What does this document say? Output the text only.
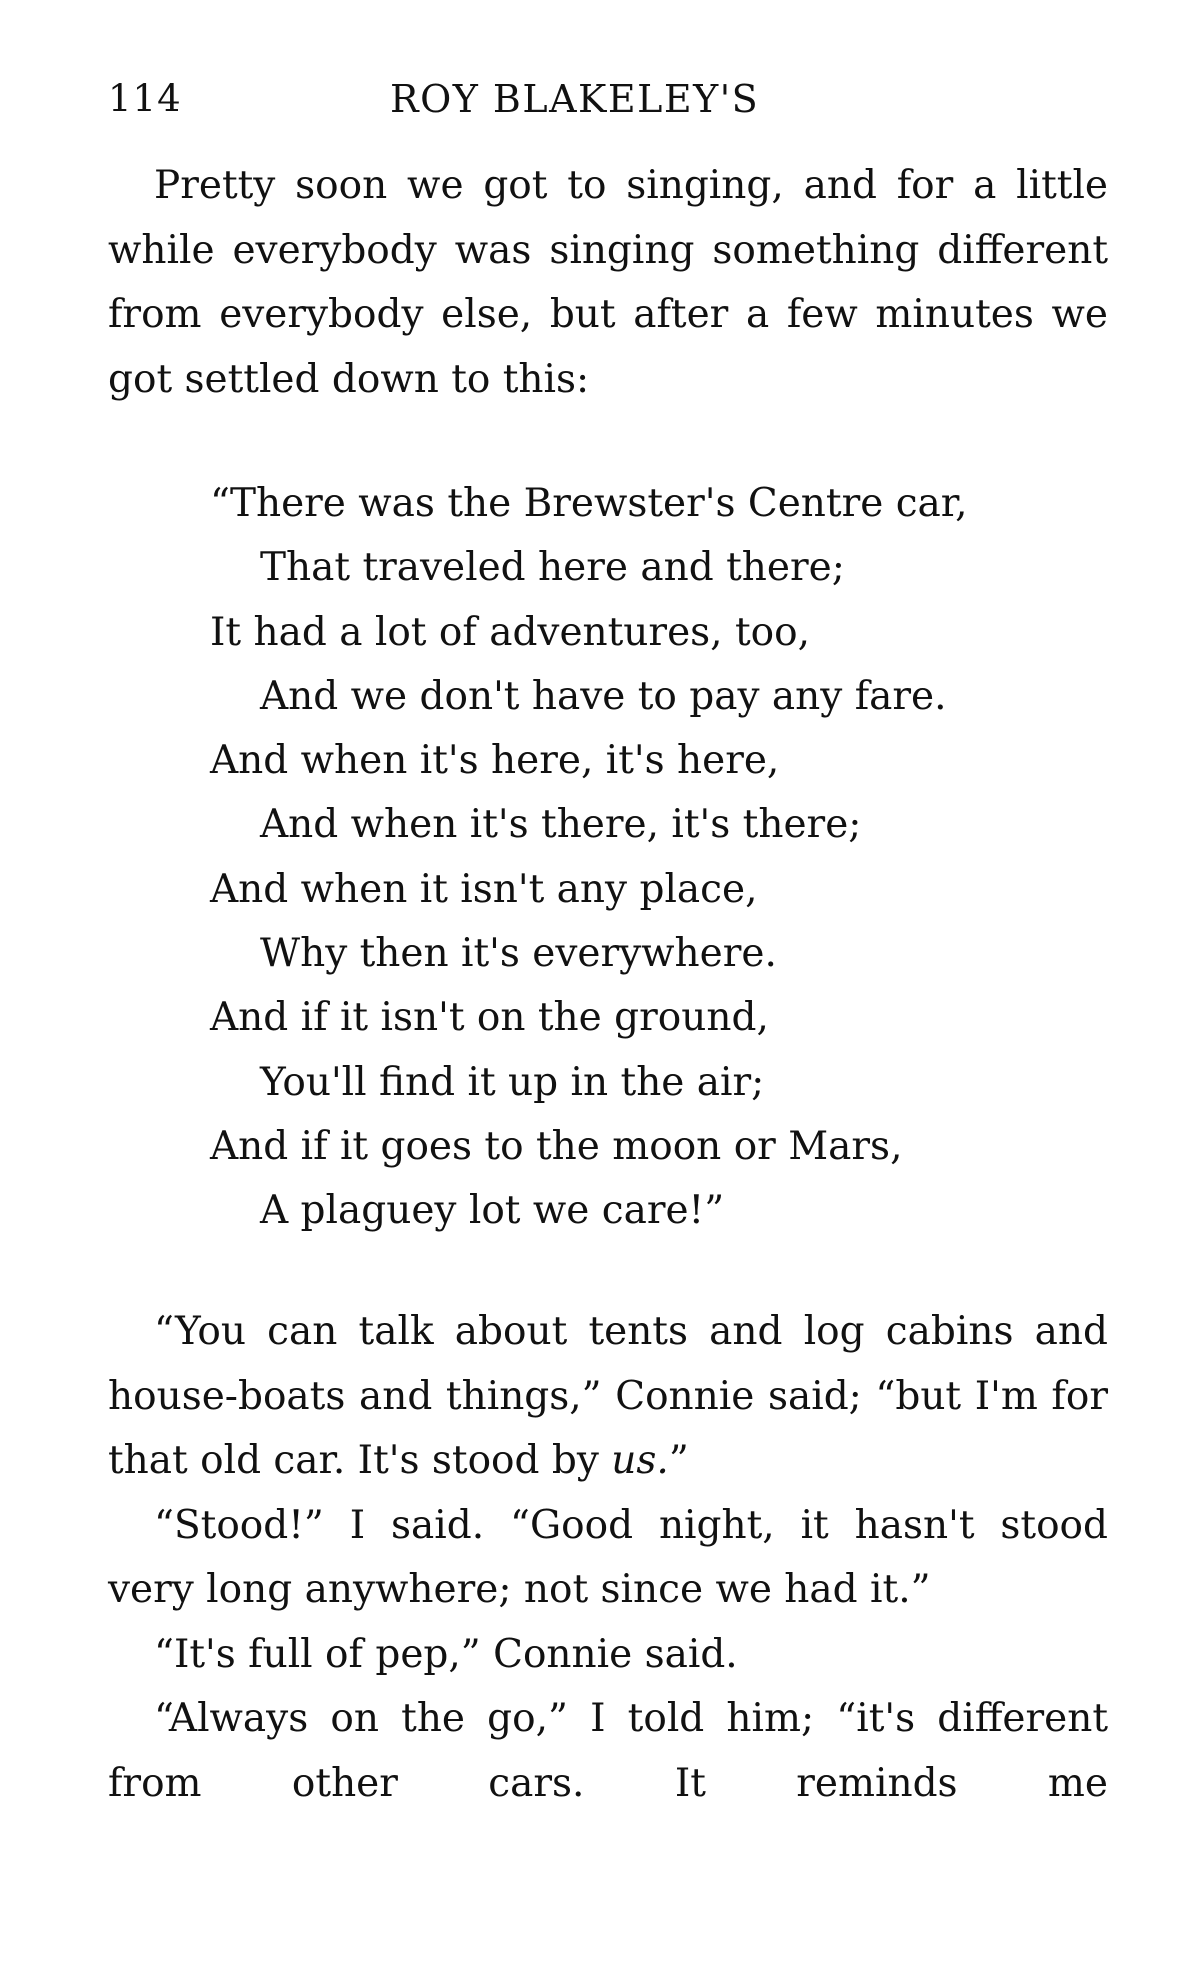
114	ROY BLAKELEY'S

Pretty soon we got to singing, and for a little while everybody was singing something different from everybody else, but after a few minutes we got settled down to this:

“There was the Brewster's Centre car,
That traveled here and there;
It had a lot of adventures, too,
And we don't have to pay any fare.
And when it's here, it's here,
And when it's there, it's there;
And when it isn't any place,
Why then it's everywhere.
And if it isn't on the ground,
You'll find it up in the air;
And if it goes to the moon or Mars,
A plaguey lot we care!”

“You can talk about tents and log cabins and house-boats and things,” Connie said; “but I'm for that old car. It's stood by us.”

“Stood!” I said. “Good night, it hasn't stood very long anywhere; not since we had it.”

“It's full of pep,” Connie said.

“Always on the go,” I told him; “it's different from other cars. It reminds me
